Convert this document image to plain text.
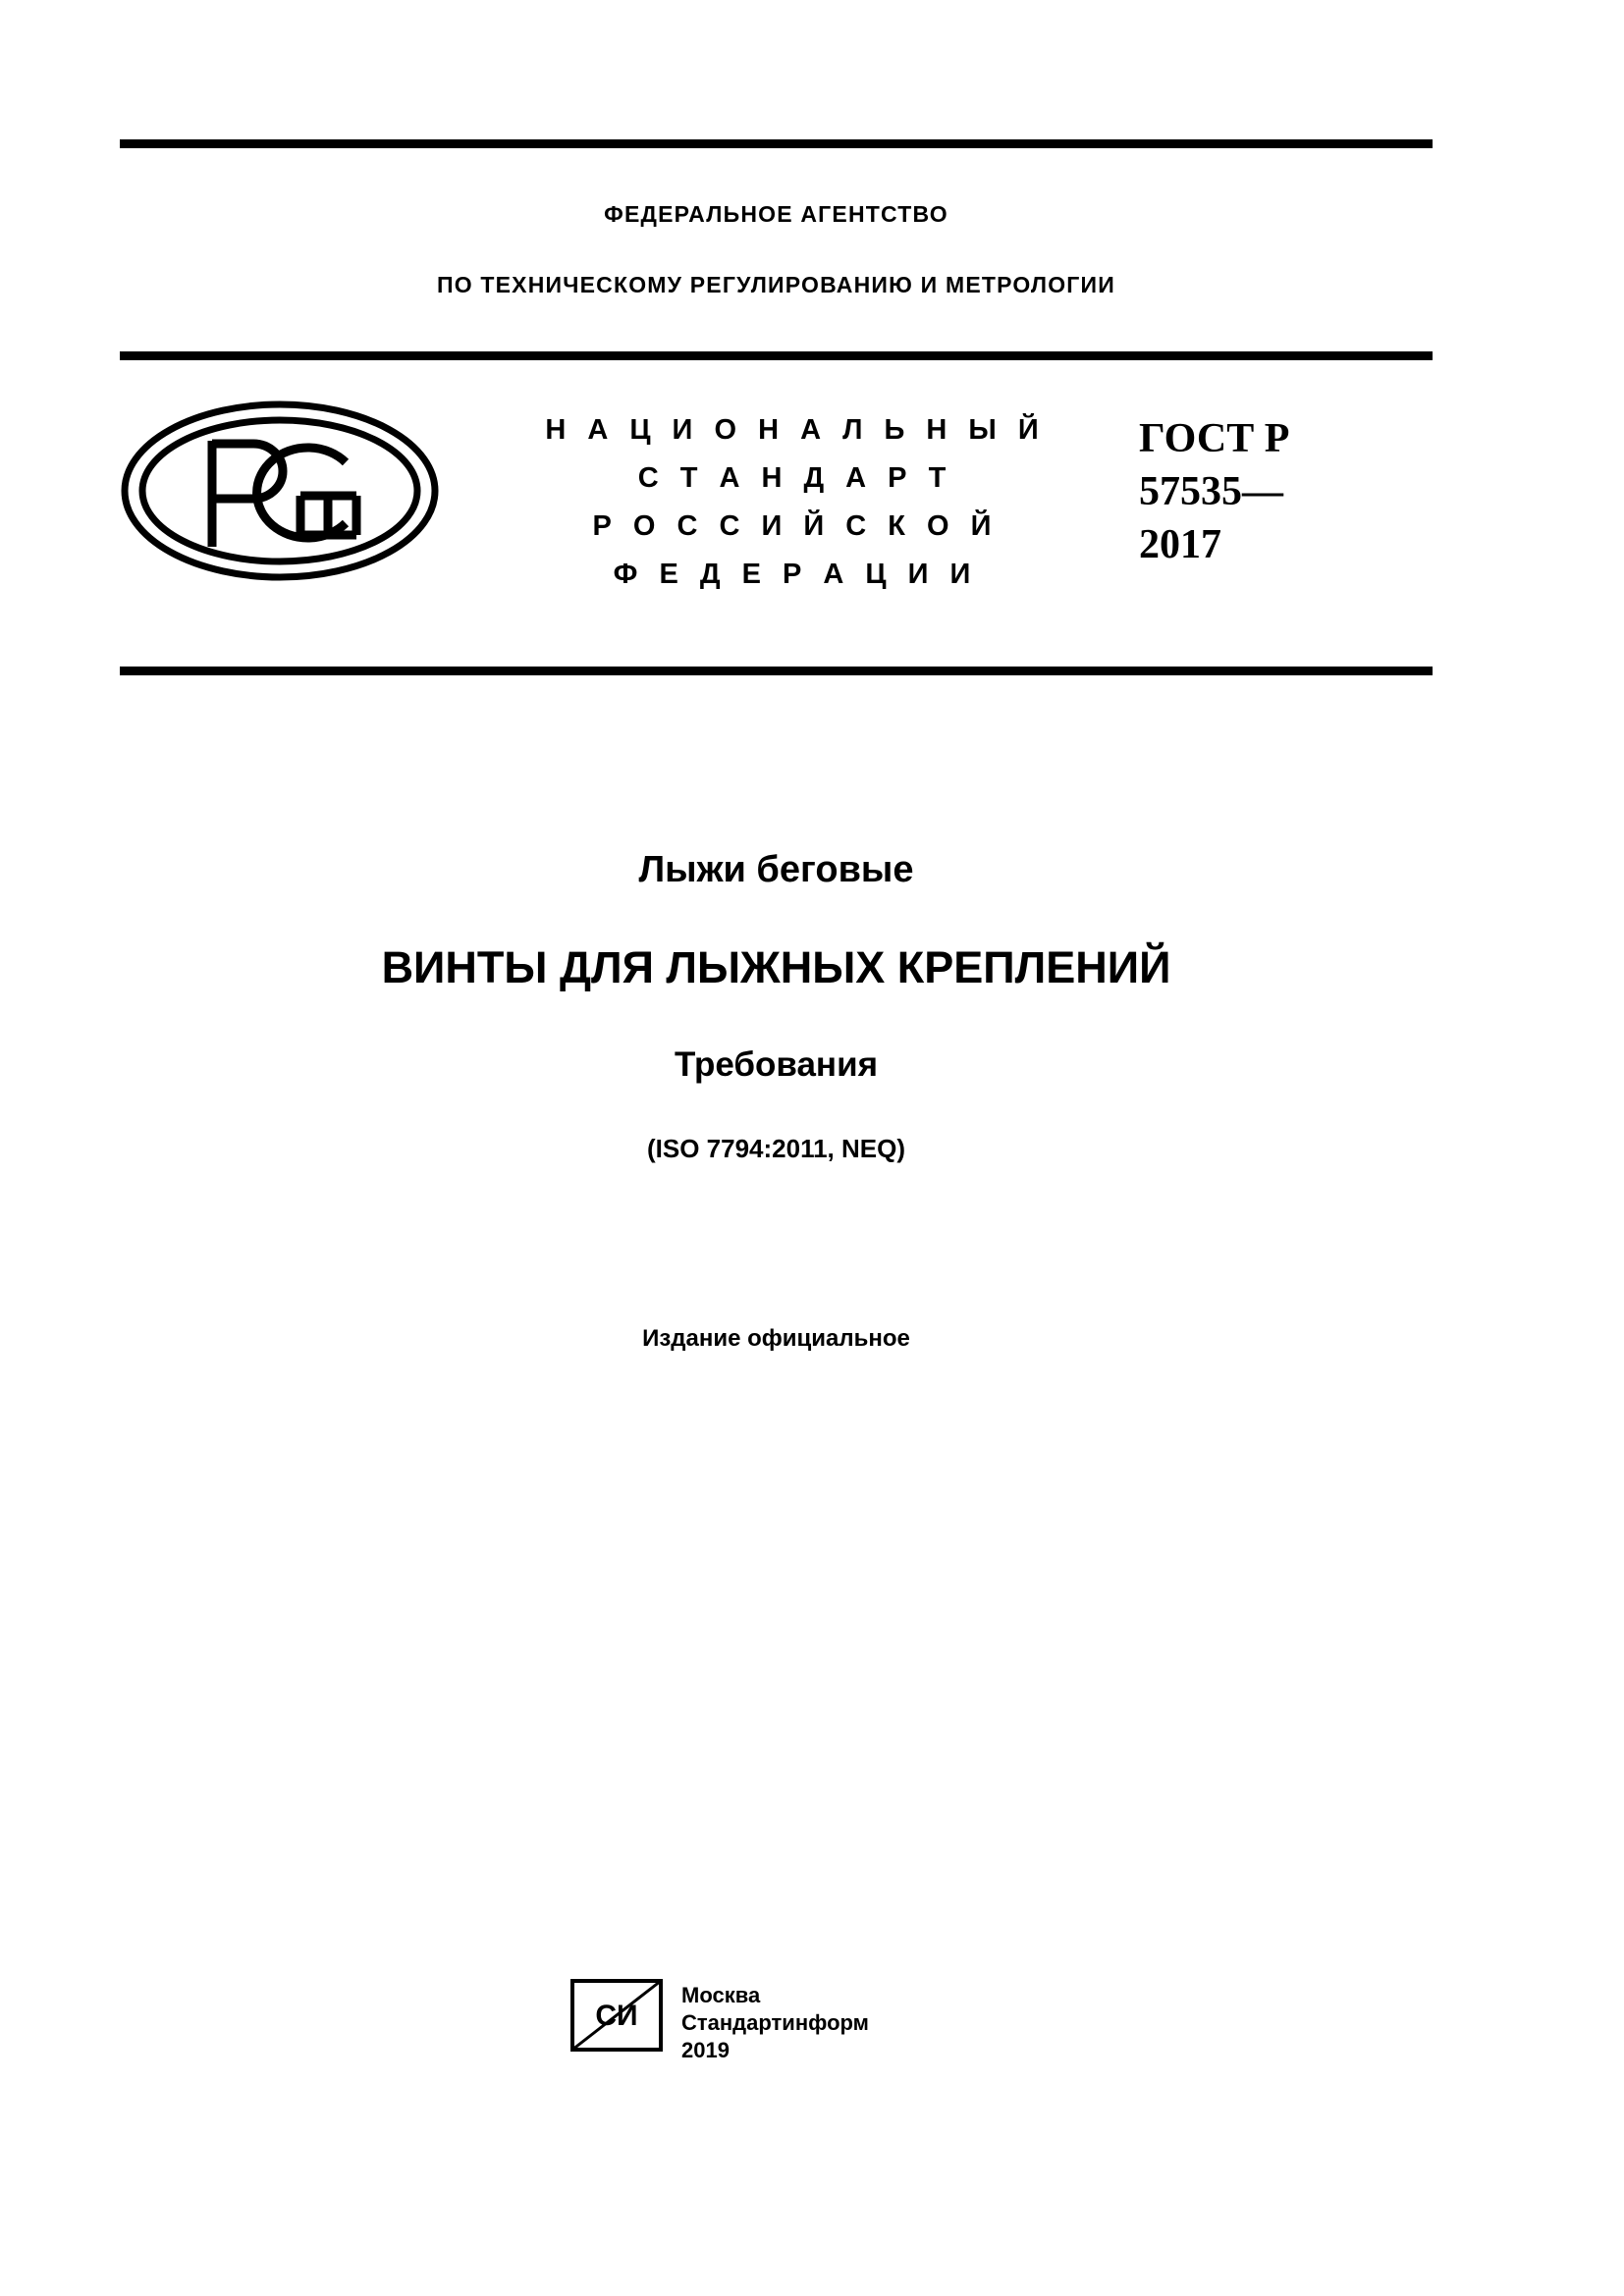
ФЕДЕРАЛЬНОЕ АГЕНТСТВО
ПО ТЕХНИЧЕСКОМУ РЕГУЛИРОВАНИЮ И МЕТРОЛОГИИ
Н А Ц И О Н А Л Ь Н Ы Й
С Т А Н Д А Р Т
Р О С С И Й С К О Й
Ф Е Д Е Р А Ц И И
ГОСТ Р
57535—
2017
Лыжи беговые
ВИНТЫ ДЛЯ ЛЫЖНЫХ КРЕПЛЕНИЙ
Требования
(ISO 7794:2011, NEQ)
Издание официальное
СИ
Москва
Стандартинформ
2019
